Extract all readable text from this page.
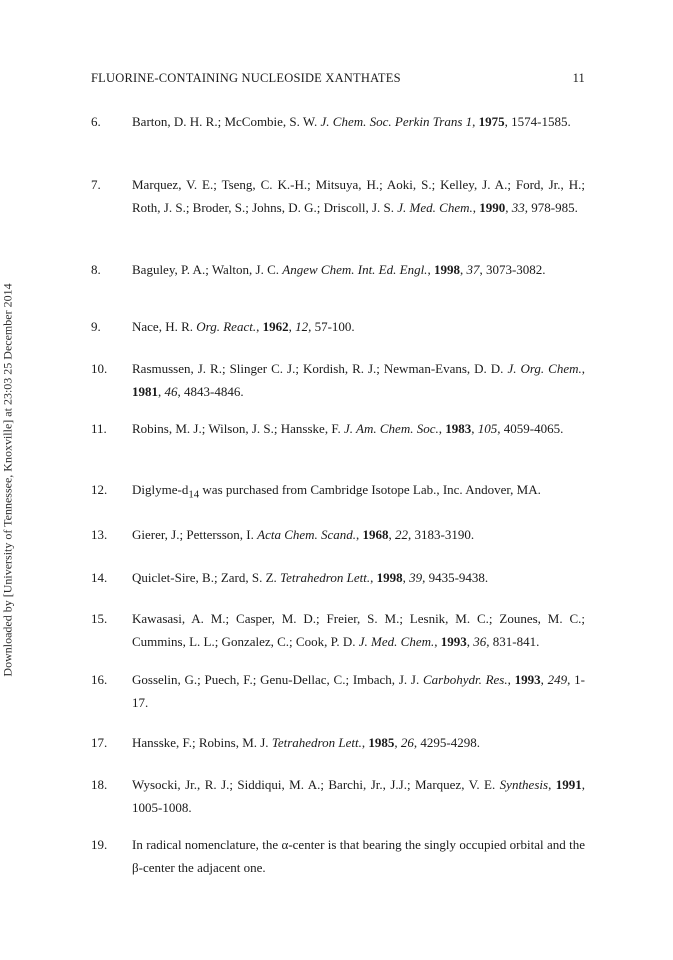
FLUORINE-CONTAINING NUCLEOSIDE XANTHATES	11
Downloaded by [University of Tennessee, Knoxville] at 23:03 25 December 2014
6. Barton, D. H. R.; McCombie, S. W. J. Chem. Soc. Perkin Trans 1, 1975, 1574-1585.
7. Marquez, V. E.; Tseng, C. K.-H.; Mitsuya, H.; Aoki, S.; Kelley, J. A.; Ford, Jr., H.; Roth, J. S.; Broder, S.; Johns, D. G.; Driscoll, J. S. J. Med. Chem., 1990, 33, 978-985.
8. Baguley, P. A.; Walton, J. C. Angew Chem. Int. Ed. Engl., 1998, 37, 3073-3082.
9. Nace, H. R. Org. React., 1962, 12, 57-100.
10. Rasmussen, J. R.; Slinger C. J.; Kordish, R. J.; Newman-Evans, D. D. J. Org. Chem., 1981, 46, 4843-4846.
11. Robins, M. J.; Wilson, J. S.; Hansske, F. J. Am. Chem. Soc., 1983, 105, 4059-4065.
12. Diglyme-$d_{14}$ was purchased from Cambridge Isotope Lab., Inc. Andover, MA.
13. Gierer, J.; Pettersson, I. Acta Chem. Scand., 1968, 22, 3183-3190.
14. Quiclet-Sire, B.; Zard, S. Z. Tetrahedron Lett., 1998, 39, 9435-9438.
15. Kawasasi, A. M.; Casper, M. D.; Freier, S. M.; Lesnik, M. C.; Zounes, M. C.; Cummins, L. L.; Gonzalez, C.; Cook, P. D. J. Med. Chem., 1993, 36, 831-841.
16. Gosselin, G.; Puech, F.; Genu-Dellac, C.; Imbach, J. J. Carbohydr. Res., 1993, 249, 1-17.
17. Hansske, F.; Robins, M. J. Tetrahedron Lett., 1985, 26, 4295-4298.
18. Wysocki, Jr., R. J.; Siddiqui, M. A.; Barchi, Jr., J.J.; Marquez, V. E. Synthesis, 1991, 1005-1008.
19. In radical nomenclature, the α-center is that bearing the singly occupied orbital and the β-center the adjacent one.
